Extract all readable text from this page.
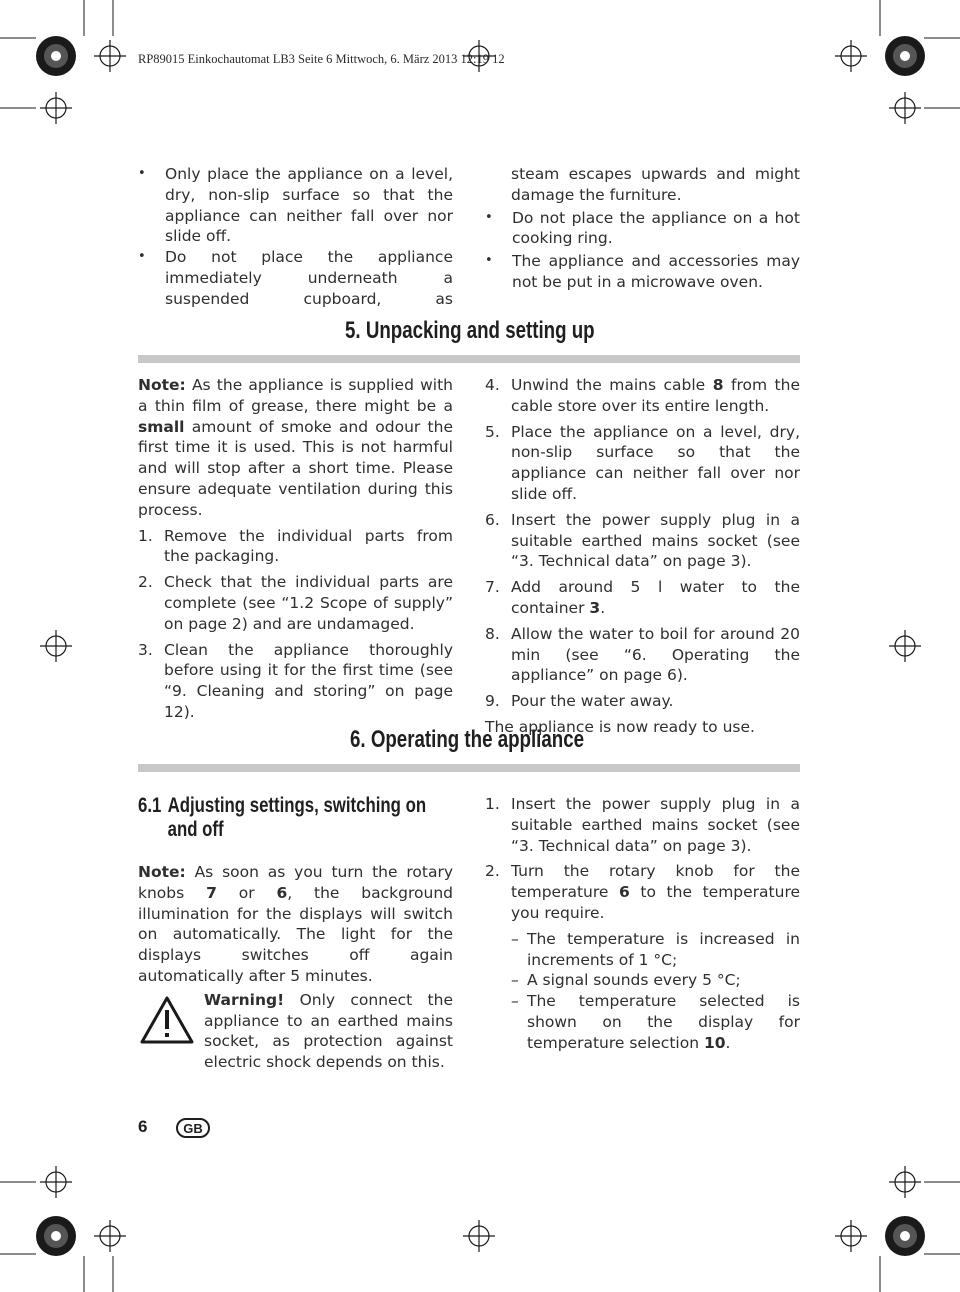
RP89015 Einkochautomat LB3 Seite 6 Mittwoch, 6. März 2013 12:19 12

• Only place the appliance on a level, dry, non-slip surface so that the appliance can neither fall over nor slide off.

• Do not place the appliance immediately underneath a suspended cupboard, as

steam escapes upwards and might damage the furniture.

• Do not place the appliance on a hot cooking ring.

• The appliance and accessories may not be put in a microwave oven.

5. Unpacking and setting up

Note: As the appliance is supplied with a thin film of grease, there might be a small amount of smoke and odour the first time it is used. This is not harmful and will stop after a short time. Please ensure adequate ventilation during this process.

1. Remove the individual parts from the packaging.

2. Check that the individual parts are complete (see “1.2 Scope of supply” on page 2) and are undamaged.

3. Clean the appliance thoroughly before using it for the first time (see “9. Cleaning and storing” on page 12).

4. Unwind the mains cable 8 from the cable store over its entire length.

5. Place the appliance on a level, dry, non-slip surface so that the appliance can neither fall over nor slide off.

6. Insert the power supply plug in a suitable earthed mains socket (see “3. Technical data” on page 3).

7. Add around 5 l water to the container 3.

8. Allow the water to boil for around 20 min (see “6. Operating the appliance” on page 6).

9. Pour the water away.

The appliance is now ready to use.

6. Operating the appliance
6.1 Adjusting settings, switching on and off

Note: As soon as you turn the rotary knobs 7 or 6, the background illumination for the displays will switch on automatically. The light for the displays switches off again automatically after 5 minutes.

Warning! Only connect the appliance to an earthed mains socket, as protection against electric shock depends on this.

1. Insert the power supply plug in a suitable earthed mains socket (see “3. Technical data” on page 3).

2. Turn the rotary knob for the temperature 6 to the temperature you require.

– The temperature is increased in increments of 1 °C;

– A signal sounds every 5 °C;

– The temperature selected is shown on the display for temperature selection 10.

6	GB
